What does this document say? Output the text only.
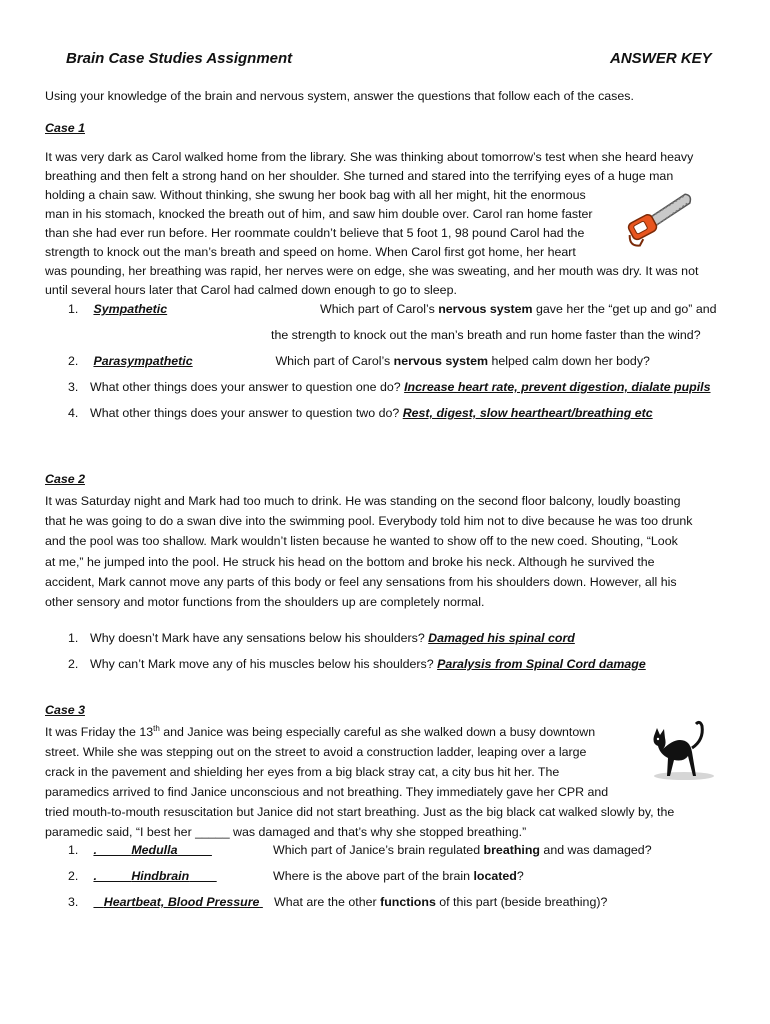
Brain Case Studies Assignment	ANSWER KEY
Using your knowledge of the brain and nervous system, answer the questions that follow each of the cases.
Case 1
It was very dark as Carol walked home from the library. She was thinking about tomorrow’s test when she heard heavy
breathing and then felt a strong hand on her shoulder. She turned and stared into the terrifying eyes of a huge man
holding a chain saw. Without thinking, she swung her book bag with all her might, hit the enormous
man in his stomach, knocked the breath out of him, and saw him double over. Carol ran home faster
than she had ever run before. Her roommate couldn’t believe that 5 foot 1, 98 pound Carol had the
strength to knock out the man’s breath and speed on home. When Carol first got home, her heart
was pounding, her breathing was rapid, her nerves were on edge, she was sweating, and her mouth was dry. It was not
until several hours later that Carol had calmed down enough to go to sleep.
1. Sympathetic	Which part of Carol’s nervous system gave her the “get up and go” and
the strength to knock out the man’s breath and run home faster than the wind?
2. Parasympathetic	Which part of Carol’s nervous system helped calm down her body?
3. What other things does your answer to question one do? Increase heart rate, prevent digestion, dialate pupils
4. What other things does your answer to question two do? Rest, digest, slow heartheart/breathing etc
Case 2
It was Saturday night and Mark had too much to drink. He was standing on the second floor balcony, loudly boasting
that he was going to do a swan dive into the swimming pool. Everybody told him not to dive because he was too drunk
and the pool was too shallow. Mark wouldn’t listen because he wanted to show off to the new coed. Shouting, “Look
at me,” he jumped into the pool. He struck his head on the bottom and broke his neck. Although he survived the
accident, Mark cannot move any parts of this body or feel any sensations from his shoulders down. However, all his
other sensory and motor functions from the shoulders up are completely normal.
1. Why doesn’t Mark have any sensations below his shoulders? Damaged his spinal cord
2. Why can’t Mark move any of his muscles below his shoulders? Paralysis from Spinal Cord damage
Case 3
It was Friday the 13th and Janice was being especially careful as she walked down a busy downtown
street. While she was stepping out on the street to avoid a construction ladder, leaping over a large
crack in the pavement and shielding her eyes from a big black stray cat, a city bus hit her. The
paramedics arrived to find Janice unconscious and not breathing. They immediately gave her CPR and
tried mouth-to-mouth resuscitation but Janice did not start breathing. Just as the big black cat walked slowly by, the
paramedic said, “I best her _____ was damaged and that’s why she stopped breathing.”
1. .          Medulla	Which part of Janice’s brain regulated breathing and was damaged?
2. .          Hindbrain	Where is the above part of the brain located?
3. Heartbeat, Blood Pressure What are the other functions of this part (beside breathing)?
